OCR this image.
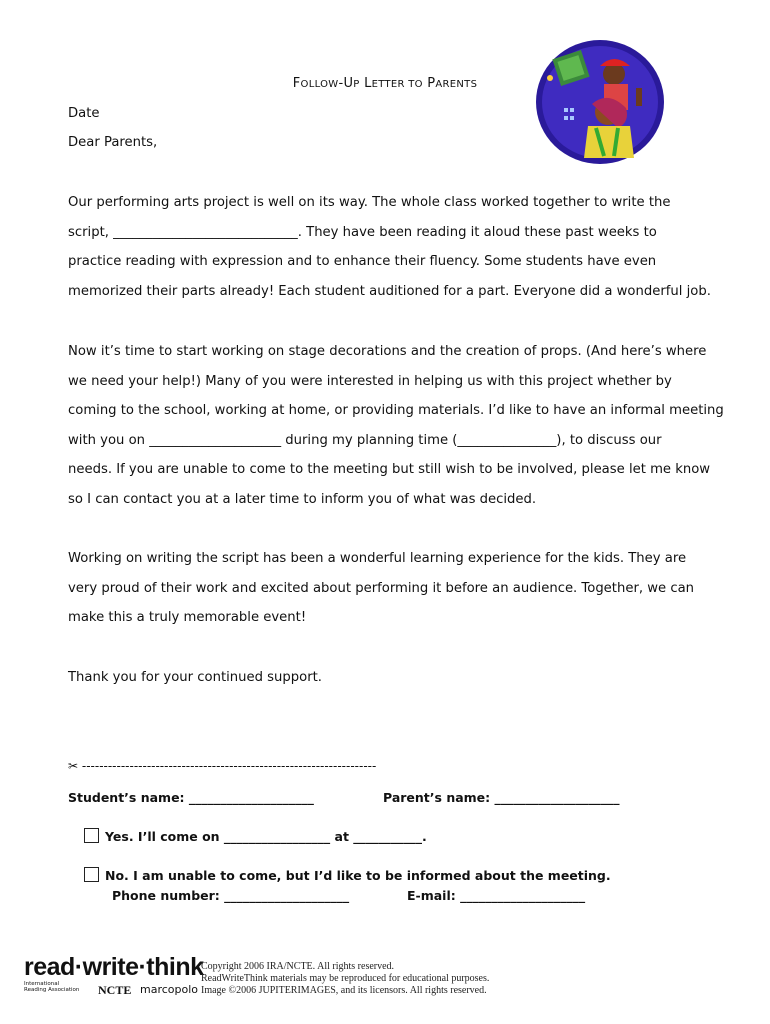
FOLLOW-UP LETTER TO PARENTS
Date
Dear Parents,
Our performing arts project is well on its way. The whole class worked together to write the
script, ____________________________. They have been reading it aloud these past weeks to
practice reading with expression and to enhance their fluency. Some students have even
memorized their parts already! Each student auditioned for a part. Everyone did a wonderful job.
Now it’s time to start working on stage decorations and the creation of props. (And here’s where
we need your help!) Many of you were interested in helping us with this project whether by
coming to the school, working at home, or providing materials. I’d like to have an informal meeting
with you on ____________________ during my planning time (_______________), to discuss our
needs. If you are unable to come to the meeting but still wish to be involved, please let me know
so I can contact you at a later time to inform you of what was decided.
Working on writing the script has been a wonderful learning experience for the kids. They are
very proud of their work and excited about performing it before an audience. Together, we can
make this a truly memorable event!
Thank you for your continued support.
✂ --------------------------------------------------------------------
Student’s name: ____________________	Parent’s name: ____________________
Yes. I’ll come on _________________ at ___________.
No. I am unable to come, but I’d like to be informed about the meeting.
Phone number: ____________________	E-mail: ____________________
read·write·think
International
Reading Association	NCTE marcopolo
Copyright 2006 IRA/NCTE. All rights reserved.
ReadWriteThink materials may be reproduced for educational purposes.
Image ©2006 JUPITERIMAGES, and its licensors. All rights reserved.
